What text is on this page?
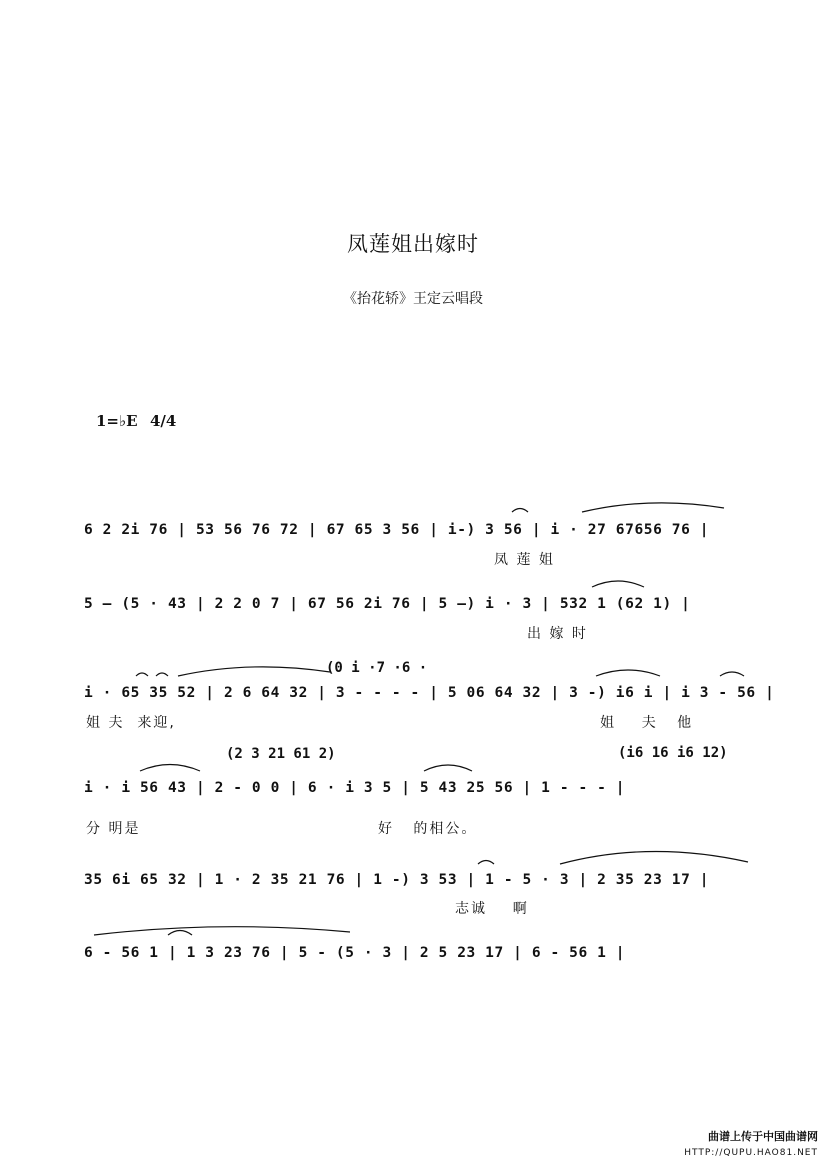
凤莲姐出嫁时
《抬花轿》王定云唱段
1=♭E 4/4
6 2 2i 76 | 53 56 76 72 | 67 65 3 56 | i-) 3 56 | i · 27 67656 76 |
凤 莲 姐
5 — (5 · 43 | 2 2 0 7 | 67 56 2i 76 | 5 —) i · 3 | 532 1 (62 1) |
出 嫁 时
(0 i ·7 ·6 ·
i · 65 35 52 | 2 6 64 32 | 3 - - - - | 5 06 64 32 | 3 -) i6 i | i 3 - 56 |
姐 夫  来迎,	姐    夫   他
(2 3 21 61 2)	(i6 16 i6 12)
i · i 56 43 | 2 - 0 0 | 6 · i 3 5 | 5 43 25 56 | 1 - - - |
分 明是	好   的相公。
35 6i 65 32 | 1 · 2 35 21 76 | 1 -) 3 53 | 1 - 5 · 3 | 2 35 23 17 |
志诚    啊
6 - 56 1 | 1 3 23 76 | 5 - (5 · 3 | 2 5 23 17 | 6 - 56 1 |
曲谱上传于中国曲谱网
HTTP://QUPU.HAO81.NET
